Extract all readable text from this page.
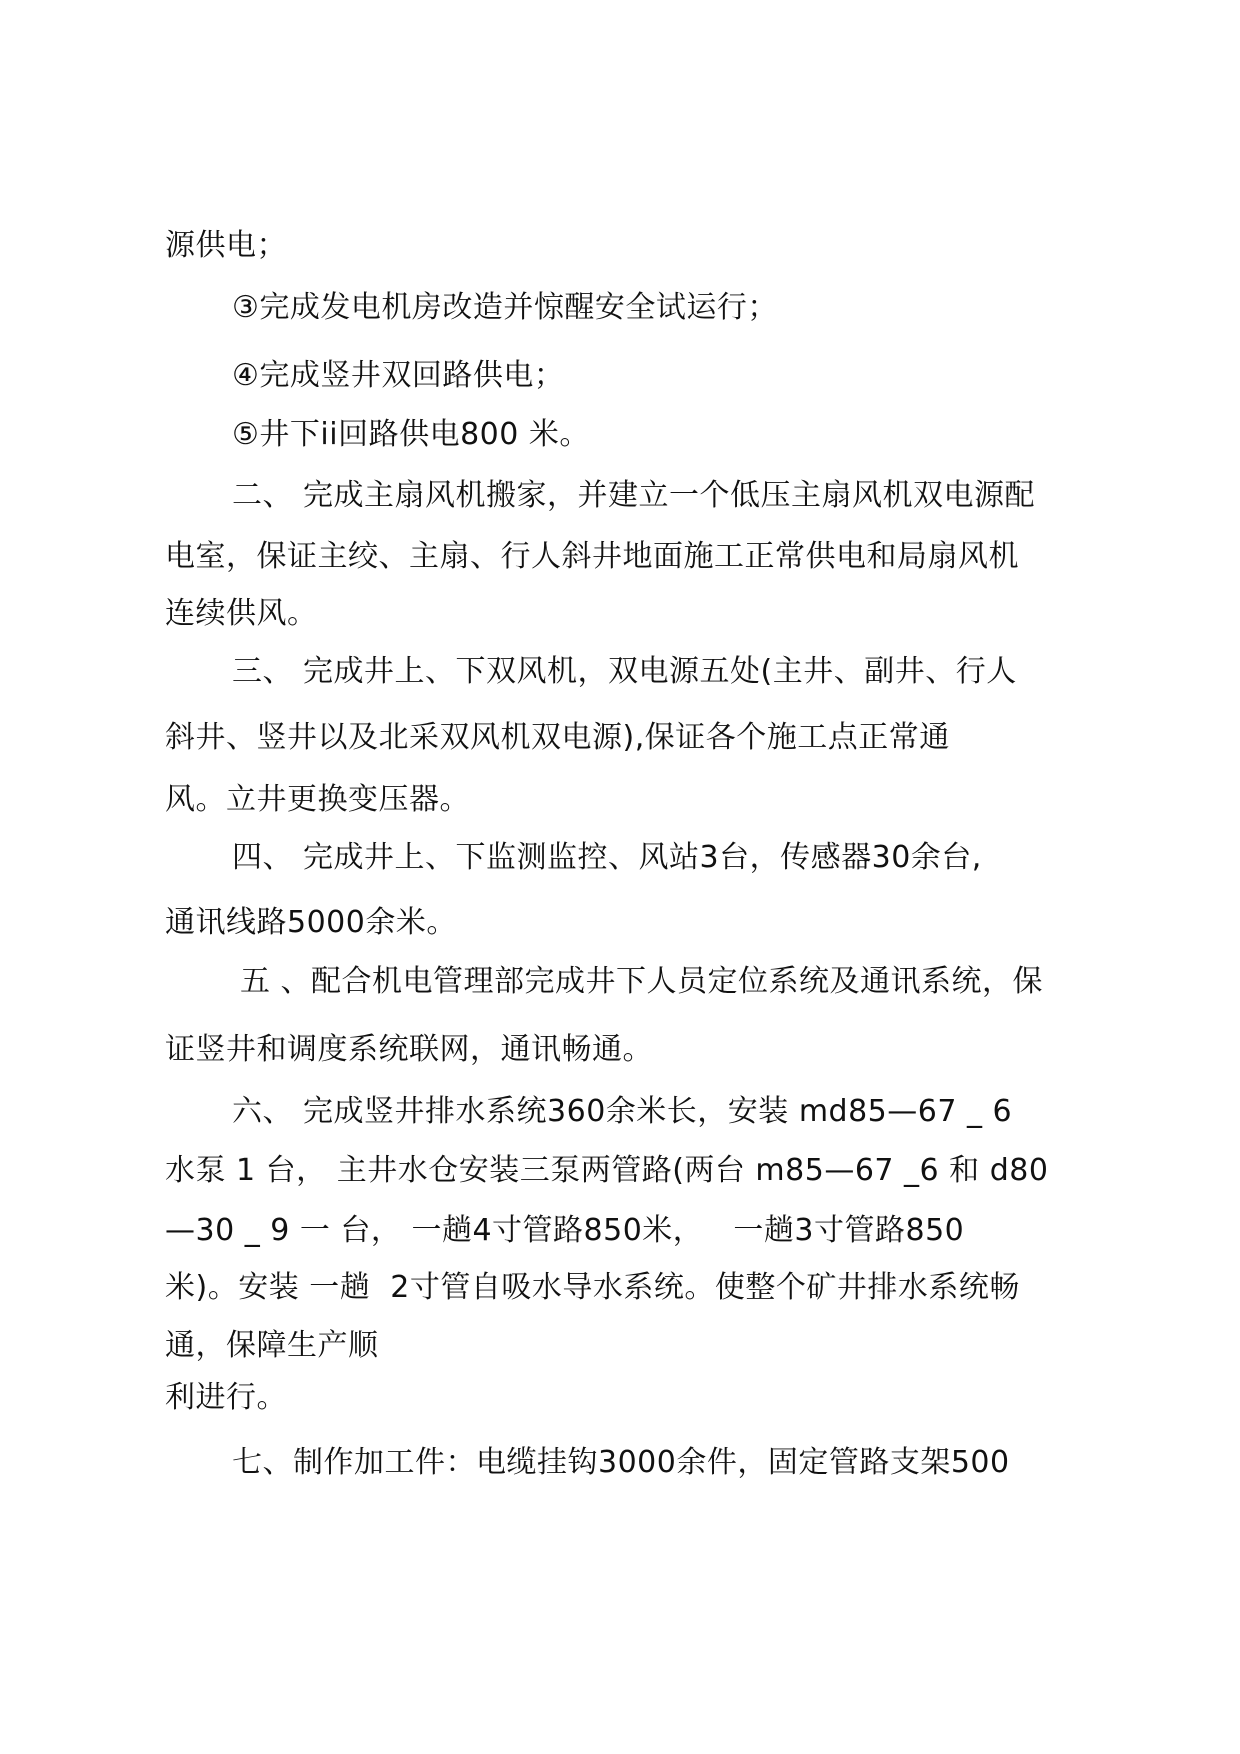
源供电；
③完成发电机房改造并惊醒安全试运行；
④完成竖井双回路供电；
⑤井下ii回路供电800 米。
二、 完成主扇风机搬家，并建立一个低压主扇风机双电源配
电室，保证主绞、主扇、行人斜井地面施工正常供电和局扇风机
连续供风。
三、 完成井上、下双风机，双电源五处(主井、副井、行人
斜井、竖井以及北采双风机双电源),保证各个施工点正常通
风。立井更换变压器。
四、 完成井上、下监测监控、风站3台，传感器30余台,
通讯线路5000余米。
五 、配合机电管理部完成井下人员定位系统及通讯系统，保
证竖井和调度系统联网，通讯畅通。
六、 完成竖井排水系统360余米长，安装 md85—67 _ 6
水泵 1 台， 主井水仓安装三泵两管路(两台 m85—67 _6 和 d80
—30 _ 9 一 台， 一趟4寸管路850米，   一趟3寸管路850
米)。安装 一趟  2寸管自吸水导水系统。使整个矿井排水系统畅
通，保障生产顺
利进行。
七、制作加工件：电缆挂钩3000余件，固定管路支架500
